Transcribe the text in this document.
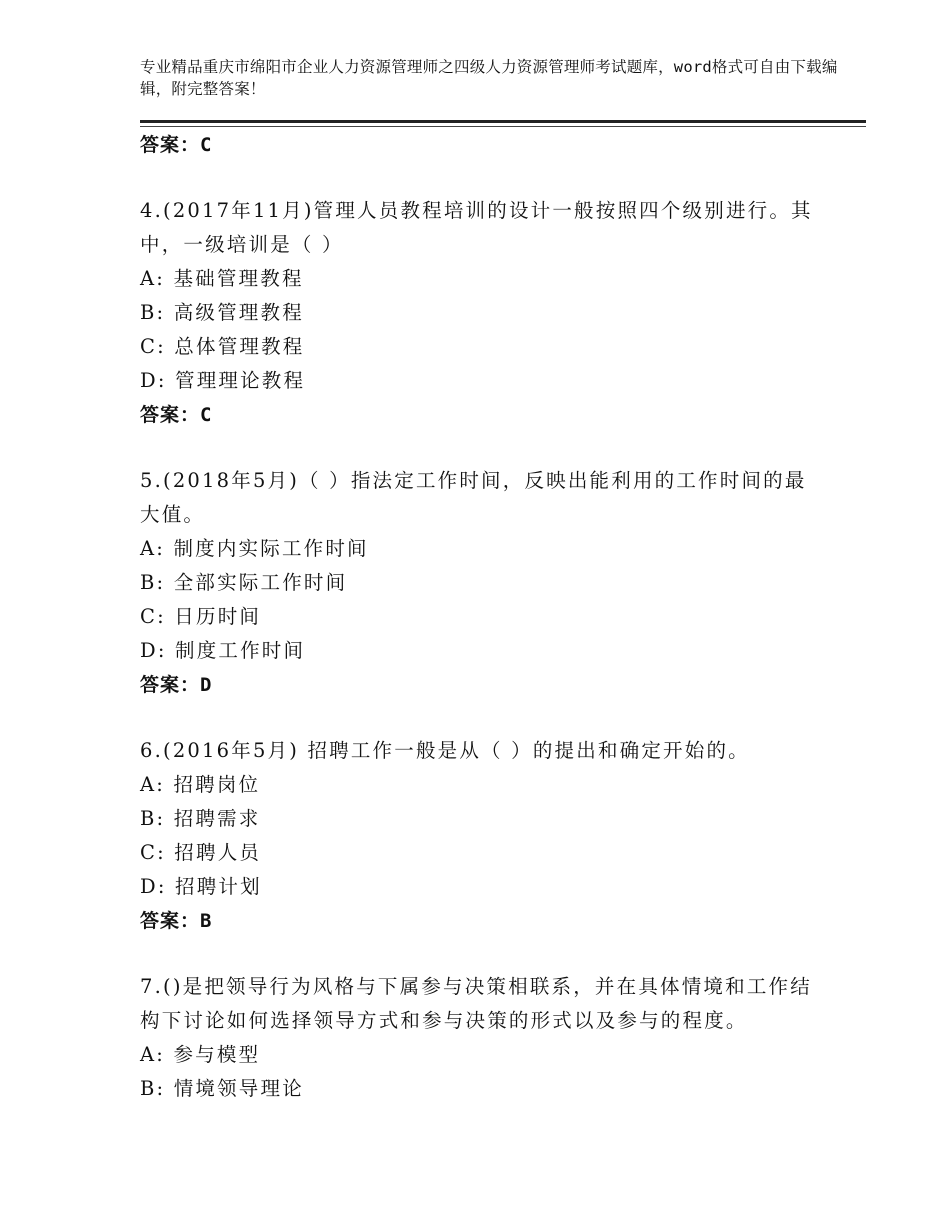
专业精品重庆市绵阳市企业人力资源管理师之四级人力资源管理师考试题库，word格式可自由下载编辑，附完整答案！
答案：C
4.(2017年11月)管理人员教程培训的设计一般按照四个级别进行。其中，一级培训是（ ）
A: 基础管理教程
B: 高级管理教程
C: 总体管理教程
D: 管理理论教程
答案：C
5.(2018年5月)（ ）指法定工作时间，反映出能利用的工作时间的最大值。
A: 制度内实际工作时间
B: 全部实际工作时间
C: 日历时间
D: 制度工作时间
答案：D
6.(2016年5月) 招聘工作一般是从（ ）的提出和确定开始的。
A: 招聘岗位
B: 招聘需求
C: 招聘人员
D: 招聘计划
答案：B
7.()是把领导行为风格与下属参与决策相联系，并在具体情境和工作结构下讨论如何选择领导方式和参与决策的形式以及参与的程度。
A: 参与模型
B: 情境领导理论
